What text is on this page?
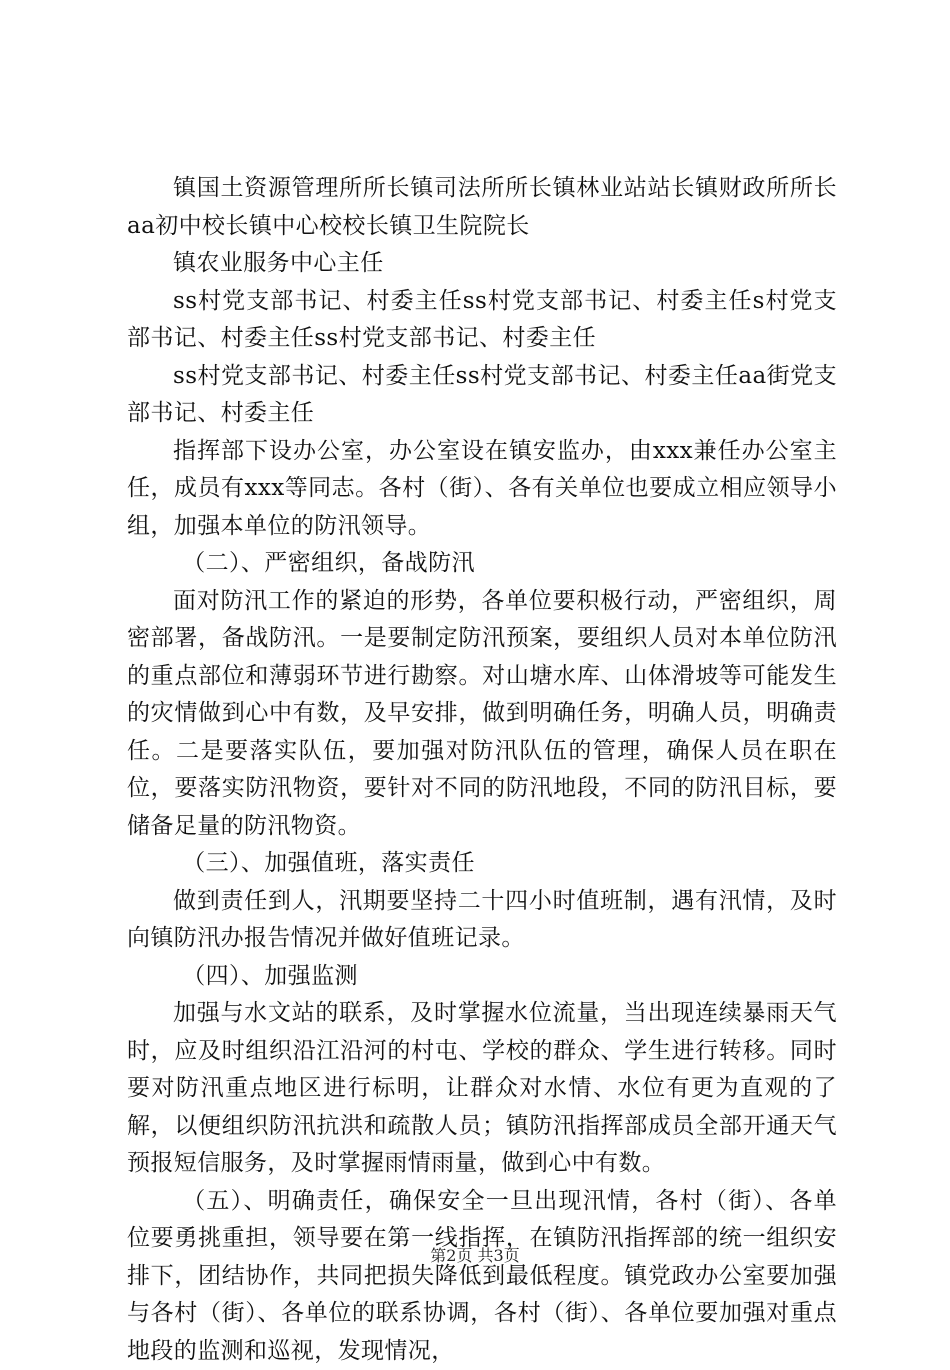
镇国土资源管理所所长镇司法所所长镇林业站站长镇财政所所长aa初中校长镇中心校校长镇卫生院院长

镇农业服务中心主任

ss村党支部书记、村委主任ss村党支部书记、村委主任s村党支部书记、村委主任ss村党支部书记、村委主任

ss村党支部书记、村委主任ss村党支部书记、村委主任aa街党支部书记、村委主任

指挥部下设办公室，办公室设在镇安监办，由xxx兼任办公室主任，成员有xxx等同志。各村（街）、各有关单位也要成立相应领导小组，加强本单位的防汛领导。

（二）、严密组织，备战防汛

面对防汛工作的紧迫的形势，各单位要积极行动，严密组织，周密部署，备战防汛。一是要制定防汛预案，要组织人员对本单位防汛的重点部位和薄弱环节进行勘察。对山塘水库、山体滑坡等可能发生的灾情做到心中有数，及早安排，做到明确任务，明确人员，明确责任。二是要落实队伍，要加强对防汛队伍的管理，确保人员在职在位，要落实防汛物资，要针对不同的防汛地段，不同的防汛目标，要储备足量的防汛物资。

（三）、加强值班，落实责任

做到责任到人，汛期要坚持二十四小时值班制，遇有汛情，及时向镇防汛办报告情况并做好值班记录。

（四）、加强监测

加强与水文站的联系，及时掌握水位流量，当出现连续暴雨天气时，应及时组织沿江沿河的村屯、学校的群众、学生进行转移。同时要对防汛重点地区进行标明，让群众对水情、水位有更为直观的了解，以便组织防汛抗洪和疏散人员；镇防汛指挥部成员全部开通天气预报短信服务，及时掌握雨情雨量，做到心中有数。

（五）、明确责任，确保安全一旦出现汛情，各村（街）、各单位要勇挑重担，领导要在第一线指挥，在镇防汛指挥部的统一组织安排下，团结协作，共同把损失降低到最低程度。镇党政办公室要加强与各村（街）、各单位的联系协调，各村（街）、各单位要加强对重点地段的监测和巡视，发现情况，

第2页 共3页
